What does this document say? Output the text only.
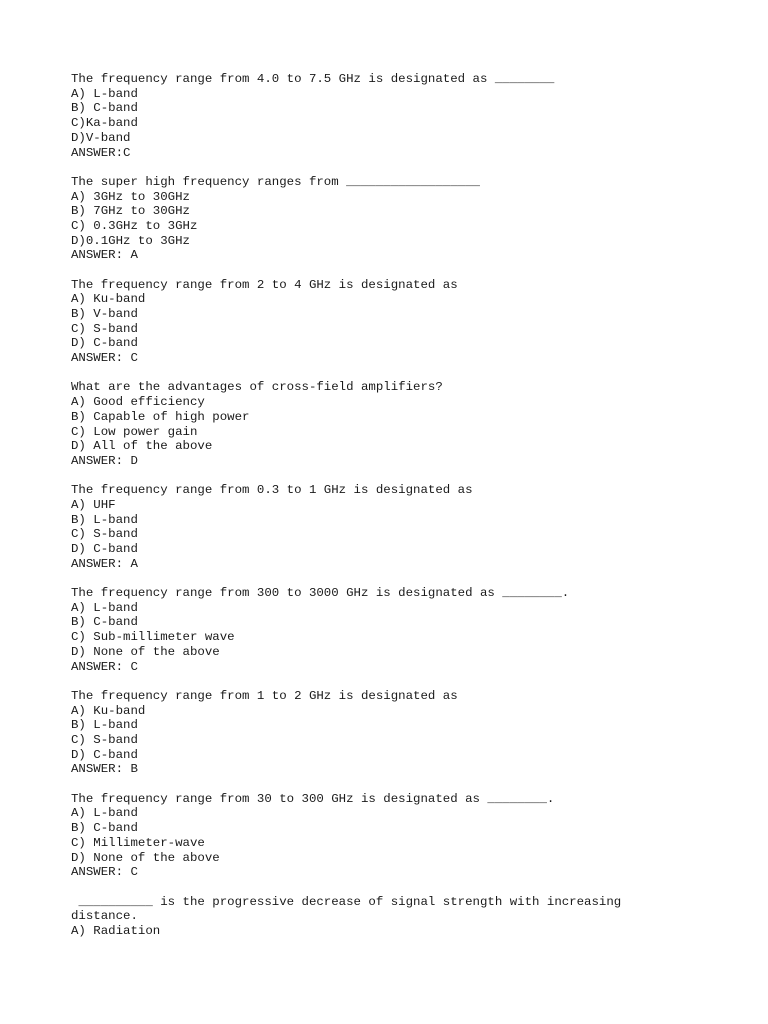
The frequency range from 4.0 to 7.5 GHz is designated as ________
A) L-band
B) C-band
C)Ka-band
D)V-band
ANSWER:C
The super high frequency ranges from __________________
A) 3GHz to 30GHz
B) 7GHz to 30GHz
C) 0.3GHz to 3GHz
D)0.1GHz to 3GHz
ANSWER: A
The frequency range from 2 to 4 GHz is designated as
A) Ku-band
B) V-band
C) S-band
D) C-band
ANSWER: C
What are the advantages of cross-field amplifiers?
A) Good efficiency
B) Capable of high power
C) Low power gain
D) All of the above
ANSWER: D
The frequency range from 0.3 to 1 GHz is designated as
A) UHF
B) L-band
C) S-band
D) C-band
ANSWER: A
The frequency range from 300 to 3000 GHz is designated as ________.
A) L-band
B) C-band
C) Sub-millimeter wave
D) None of the above
ANSWER: C
The frequency range from 1 to 2 GHz is designated as
A) Ku-band
B) L-band
C) S-band
D) C-band
ANSWER: B
The frequency range from 30 to 300 GHz is designated as ________.
A) L-band
B) C-band
C) Millimeter-wave
D) None of the above
ANSWER: C
__________ is the progressive decrease of signal strength with increasing
distance.
A) Radiation
